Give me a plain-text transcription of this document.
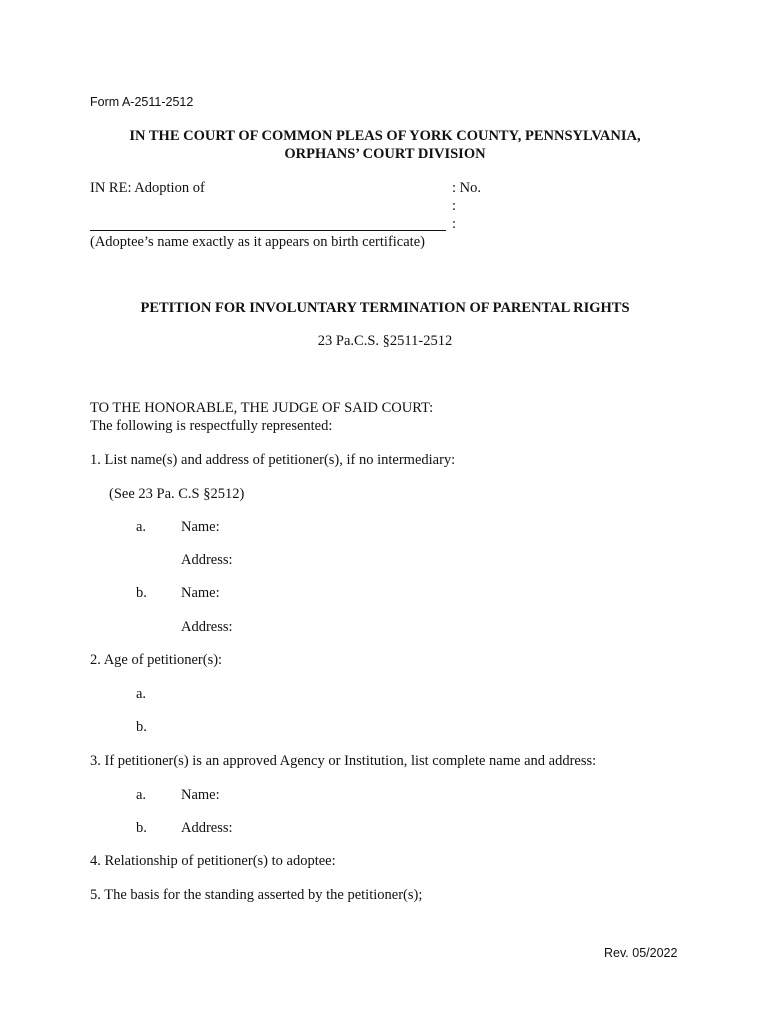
Form A-2511-2512
IN THE COURT OF COMMON PLEAS OF YORK COUNTY, PENNSYLVANIA,
ORPHANS’ COURT DIVISION
IN RE: Adoption of	: No.
:
:
(Adoptee’s name exactly as it appears on birth certificate)
PETITION FOR INVOLUNTARY TERMINATION OF PARENTAL RIGHTS
23 Pa.C.S. §2511-2512
TO THE HONORABLE, THE JUDGE OF SAID COURT:
The following is respectfully represented:
1. List name(s) and address of petitioner(s), if no intermediary:
(See 23 Pa. C.S §2512)
a. Name:
Address:
b. Name:
Address:
2. Age of petitioner(s):
a.
b.
3. If petitioner(s) is an approved Agency or Institution, list complete name and address:
a. Name:
b. Address:
4. Relationship of petitioner(s) to adoptee:
5. The basis for the standing asserted by the petitioner(s);
Rev. 05/2022
